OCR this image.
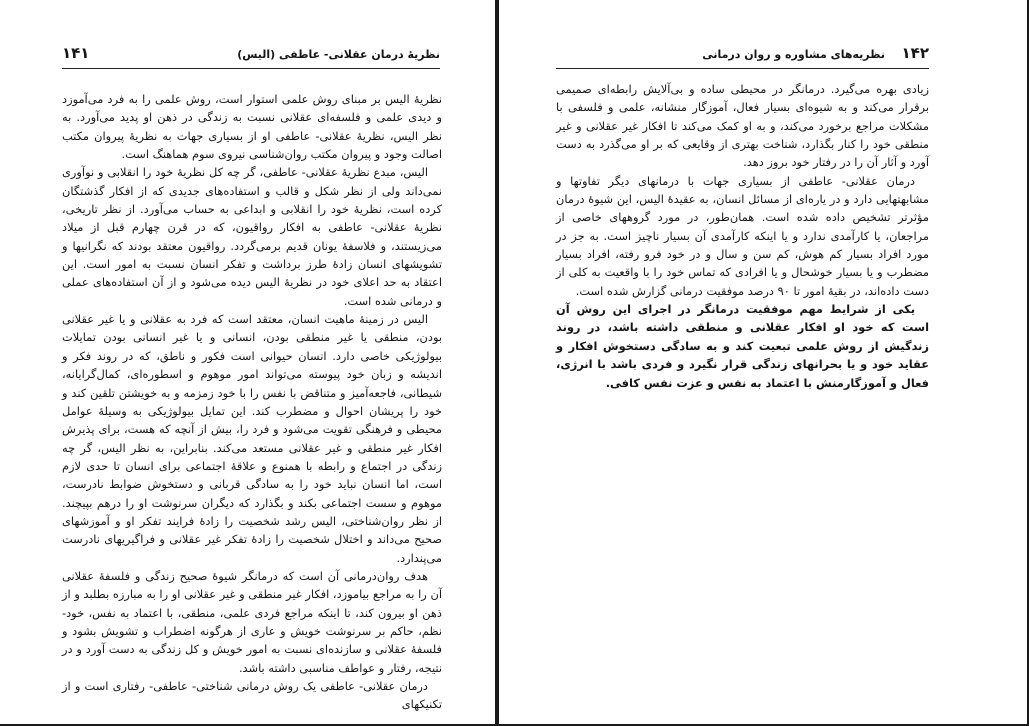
نظریهٔ درمان عقلانی- عاطفی (الیس)
۱۴۱

نظریهٔ الیس بر مبنای روش علمی استوار است، روش علمی را به فرد می‌آموزد و دیدی علمی و فلسفه‌ای عقلانی نسبت به زندگی در ذهن او پدید می‌آورد. به نظر الیس، نظریهٔ عقلانی- عاطفی او از بسیاری جهات به نظریهٔ پیروان مکتب اصالت وجود و پیروان مکتب روان‌شناسی نیروی سوم هماهنگ است.

الیس، مبدع نظریهٔ عقلانی- عاطفی، گر چه کل نظریهٔ خود را انقلابی و نوآوری نمی‌داند ولی از نظر شکل و قالب و استفاده‌های جدیدی که از افکار گذشتگان کرده است، نظریهٔ خود را انقلابی و ابداعی به حساب می‌آورد. از نظر تاریخی، نظریهٔ عقلانی- عاطفی به افکار رواقیون، که در قرن چهارم قبل از میلاد می‌زیستند، و فلاسفهٔ یونان قدیم برمی‌گردد. رواقیون معتقد بودند که نگرانیها و تشویشهای انسان زادهٔ طرز برداشت و تفکر انسان نسبت به امور است. این اعتقاد به حد اعلای خود در نظریهٔ الیس دیده می‌شود و از آن استفاده‌های عملی و درمانی شده است.

الیس در زمینهٔ ماهیت انسان، معتقد است که فرد به عقلانی و یا غیر عقلانی بودن، منطقی یا غیر منطقی بودن، انسانی و یا غیر انسانی بودن تمایلات بیولوژیکی خاصی دارد. انسان حیوانی است فکور و ناطق، که در روند فکر و اندیشه و زبان خود پیوسته می‌تواند امور موهوم و اسطوره‌ای، کمال‌گرایانه، شیطانی، فاجعه‌آمیز و متناقض با نفس را با خود زمزمه و به خویشتن تلقین کند و خود را پریشان احوال و مضطرب کند. این تمایل بیولوژیکی به وسیلهٔ عوامل محیطی و فرهنگی تقویت می‌شود و فرد را، بیش از آنچه که هست، برای پذیرش افکار غیر منطقی و غیر عقلانی مستعد می‌کند. بنابراین، به نظر الیس، گر چه زندگی در اجتماع و رابطه با همنوع و علاقهٔ اجتماعی برای انسان تا حدی لازم است، اما انسان نباید خود را به سادگی قربانی و دستخوش ضوابط نادرست، موهوم و سست اجتماعی بکند و بگذارد که دیگران سرنوشت او را درهم بپیچند. از نظر روان‌شناختی، الیس رشد شخصیت را زادهٔ فرایند تفکر او و آموزشهای صحیح می‌داند و اختلال شخصیت را زادهٔ تفکر غیر عقلانی و فراگیریهای نادرست می‌پندارد.

هدف روان‌درمانی آن است که درمانگر شیوهٔ صحیح زندگی و فلسفهٔ عقلانی آن را به مراجع بیاموزد، افکار غیر منطقی و غیر عقلانی او را به مبارزه بطلبد و از ذهن او بیرون کند، تا اینکه مراجع فردی علمی، منطقی، با اعتماد به نفس، خود-نظم، حاکم بر سرنوشت خویش و عاری از هرگونه اضطراب و تشویش بشود و فلسفهٔ عقلانی و سازنده‌ای نسبت به امور خویش و کل زندگی به دست آورد و در نتیجه، رفتار و عواطف مناسبی داشته باشد.

درمان عقلانی- عاطفی یک روش درمانی شناختی- عاطفی- رفتاری است و از تکنیکهای

۱۴۲
نظریه‌های مشاوره و روان درمانی

زیادی بهره می‌گیرد. درمانگر در محیطی ساده و بی‌آلایش رابطه‌ای صمیمی برقرار می‌کند و به شیوه‌ای بسیار فعال، آموزگار منشانه، علمی و فلسفی با مشکلات مراجع برخورد می‌کند، و به او کمک می‌کند تا افکار غیر عقلانی و غیر منطقی خود را کنار بگذارد، شناخت بهتری از وقایعی که بر او می‌گذرد به دست آورد و آثار آن را در رفتار خود بروز دهد.

درمان عقلانی- عاطفی از بسیاری جهات با درمانهای دیگر تفاوتها و مشابهتهایی دارد و در یاره‌ای از مسائل انسان، به عقیدهٔ الیس، این شیوهٔ درمان مؤثرتر تشخیص داده شده است. همان‌طور، در مورد گروههای خاصی از مراجعان، یا کارآمدی ندارد و یا اینکه کارآمدی آن بسیار ناچیز است. به جز در مورد افراد بسیار کم هوش، کم سن و سال و در خود فرو رفته، افراد بسیار مضطرب و یا بسیار خوشحال و یا افرادی که تماس خود را با واقعیت به کلی از دست داده‌اند، در بقیهٔ امور تا ۹۰ درصد موفقیت درمانی گزارش شده است.

یکی از شرایط مهم موفقیت درمانگر در اجرای این روش آن است که خود او افکار عقلانی و منطقی داشته باشد، در روند زندگیش از روش علمی تبعیت کند و به سادگی دستخوش افکار و عقاید خود و یا بحرانهای زندگی قرار نگیرد و فردی باشد با انرژی، فعال و آموزگارمنش با اعتماد به نفس و عزت نفس کافی.
